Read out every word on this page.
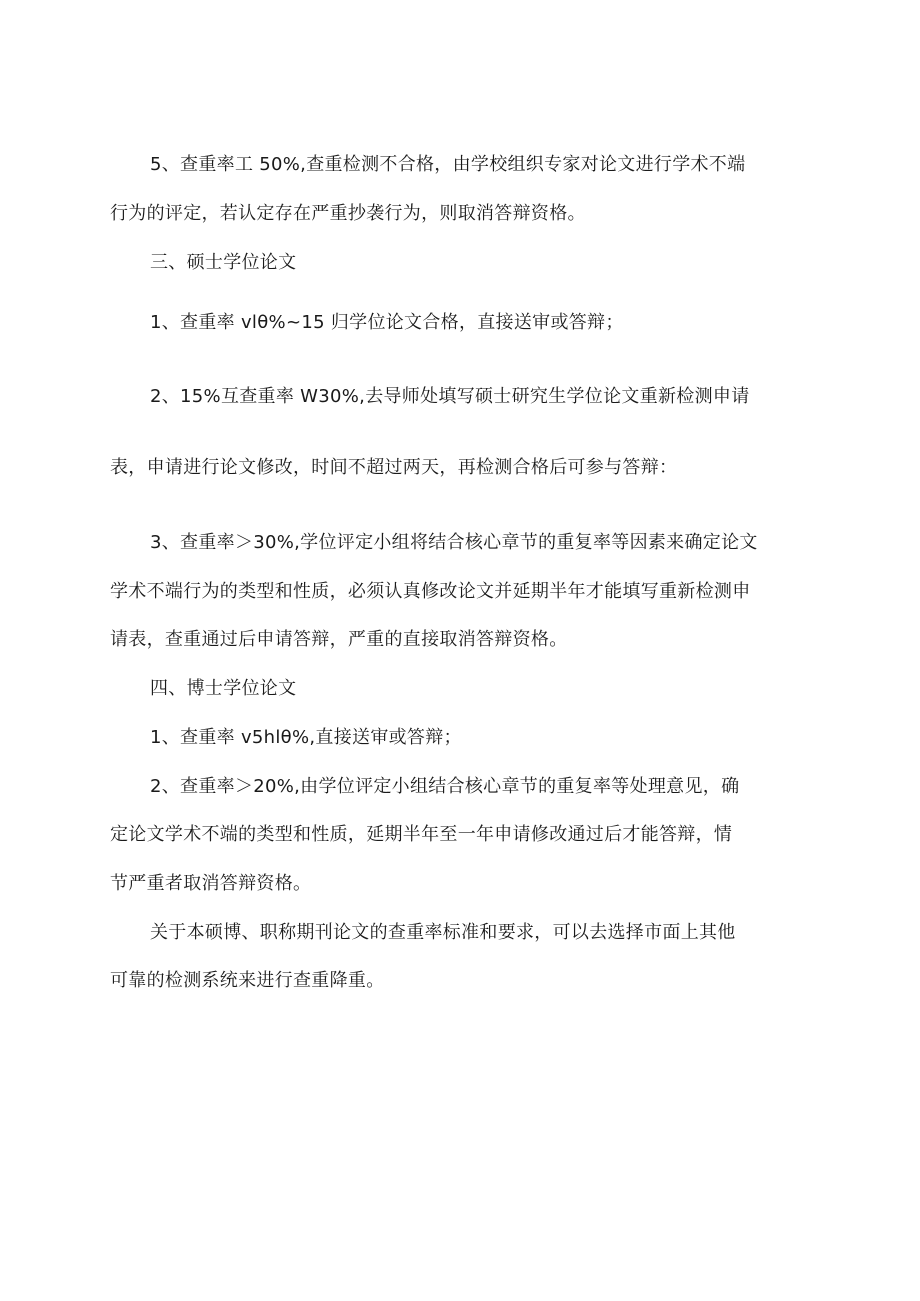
5、查重率工 50%,查重检测不合格，由学校组织专家对论文进行学术不端
行为的评定，若认定存在严重抄袭行为，则取消答辩资格。
三、硕士学位论文
1、查重率 vlθ%~15 归学位论文合格，直接送审或答辩；
2、15%互查重率 W30%,去导师处填写硕士研究生学位论文重新检测申请
表，申请进行论文修改，时间不超过两天，再检测合格后可参与答辩：
3、查重率＞30%,学位评定小组将结合核心章节的重复率等因素来确定论文
学术不端行为的类型和性质，必须认真修改论文并延期半年才能填写重新检测申
请表，查重通过后申请答辩，严重的直接取消答辩资格。
四、博士学位论文
1、查重率 v5hlθ%,直接送审或答辩；
2、查重率＞20%,由学位评定小组结合核心章节的重复率等处理意见，确
定论文学术不端的类型和性质，延期半年至一年申请修改通过后才能答辩，情
节严重者取消答辩资格。
关于本硕博、职称期刊论文的查重率标准和要求，可以去选择市面上其他
可靠的检测系统来进行查重降重。
